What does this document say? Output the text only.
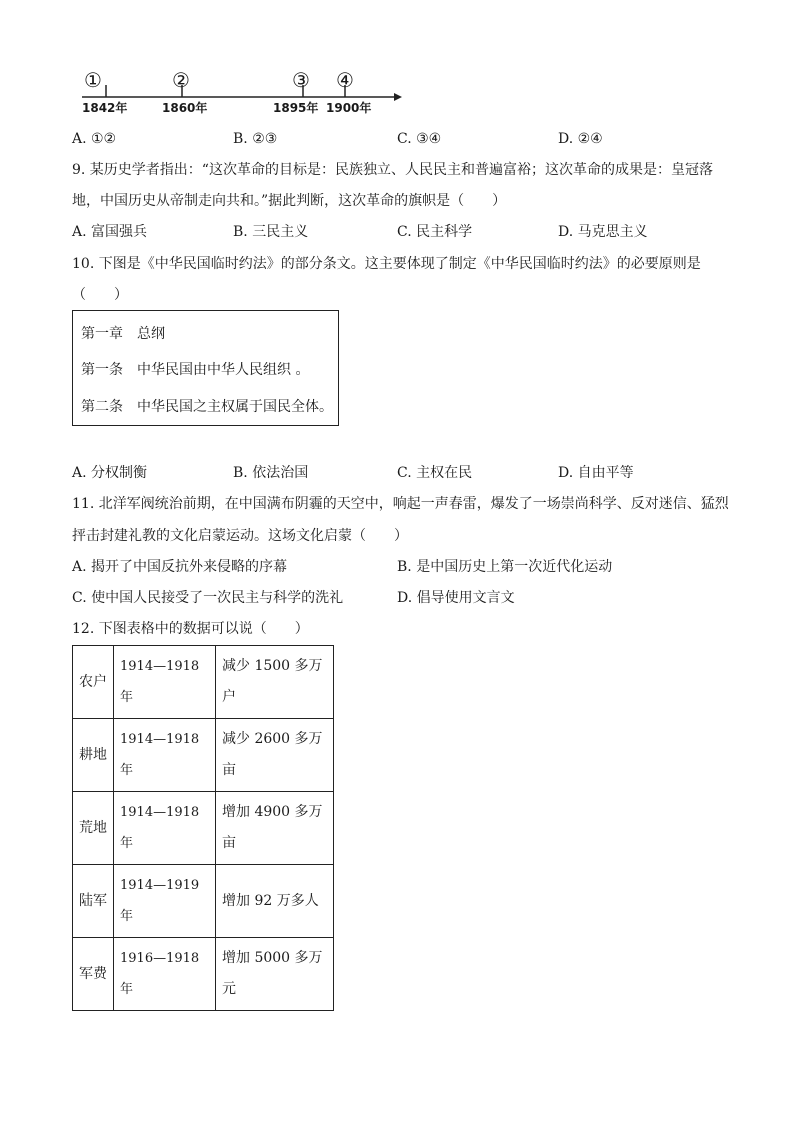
①	②	③ ④
1842年	1860年	1895年 1900年
A. ①②	B. ②③	C. ③④	D. ②④
9. 某历史学者指出：“这次革命的目标是：民族独立、人民民主和普遍富裕；这次革命的成果是：皇冠落
地，中国历史从帝制走向共和。”据此判断，这次革命的旗帜是（　　）
A. 富国强兵	B. 三民主义	C. 民主科学	D. 马克思主义
10. 下图是《中华民国临时约法》的部分条文。这主要体现了制定《中华民国临时约法》的必要原则是
（　　）
第一章　总纲
第一条　中华民国由中华人民组织 。
第二条　中华民国之主权属于国民全体。
A. 分权制衡	B. 依法治国	C. 主权在民	D. 自由平等
11. 北洋军阀统治前期，在中国满布阴霾的天空中，响起一声春雷，爆发了一场崇尚科学、反对迷信、猛烈
抨击封建礼教的文化启蒙运动。这场文化启蒙（　　）
A. 揭开了中国反抗外来侵略的序幕	B. 是中国历史上第一次近代化运动
C. 使中国人民接受了一次民主与科学的洗礼	D. 倡导使用文言文
12. 下图表格中的数据可以说（　　）
农户	1914—1918年	减少 1500 多万户
耕地	1914—1918年	减少 2600 多万亩
荒地	1914—1918年	增加 4900 多万亩
陆军	1914—1919年	增加 92 万多人
军费	1916—1918年	增加 5000 多万元
